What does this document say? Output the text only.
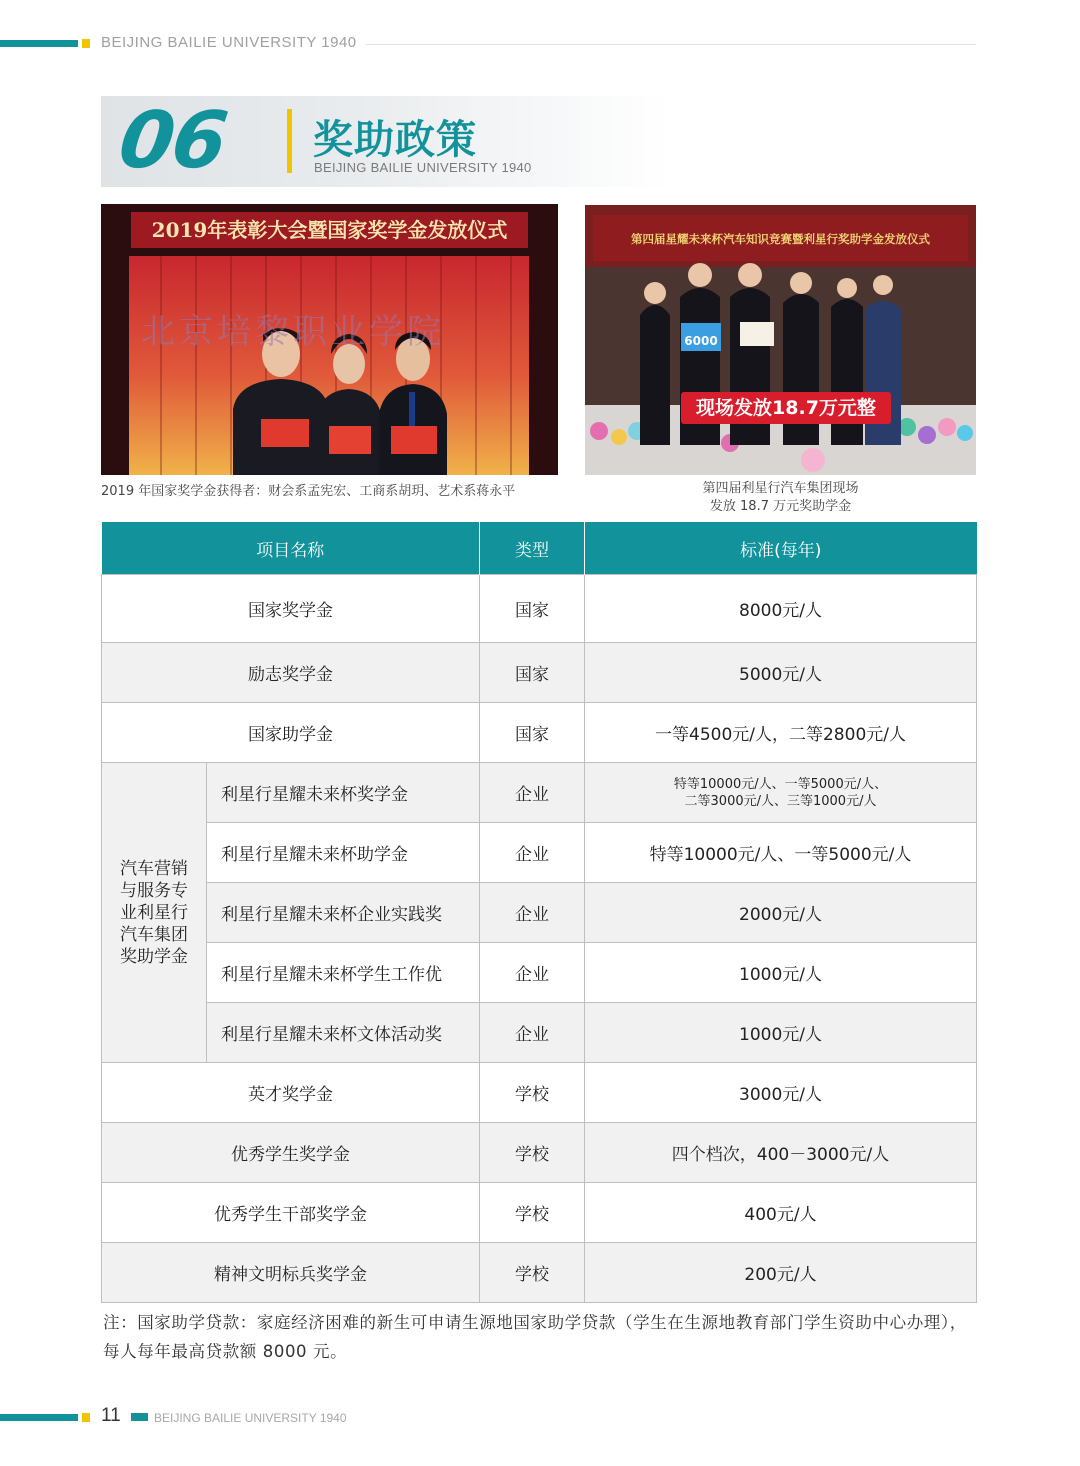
BEIJING BAILIE UNIVERSITY 1940
06 奖助政策
BEIJING BAILIE UNIVERSITY 1940
2019年表彰大会暨国家奖学金发放仪式
北京培黎职业学院
2019 年国家奖学金获得者：财会系孟宪宏、工商系胡玥、艺术系蒋永平
6000
第四届星耀未来杯汽车知识竞赛暨利星行奖助学金发放仪式
现场发放18.7万元整
第四届利星行汽车集团现场
发放 18.7 万元奖助学金
项目名称		类型	标准(每年)
国家奖学金		国家	8000元/人
励志奖学金		国家	5000元/人
国家助学金		国家	一等4500元/人，二等2800元/人

汽车营销与服务专业利星行汽车集团奖助学金	利星行星耀未来杯奖学金	企业	特等10000元/人、一等5000元/人、
二等3000元/人、三等1000元/人

	利星行星耀未来杯助学金	企业	特等10000元/人、一等5000元/人
	利星行星耀未来杯企业实践奖	企业	2000元/人
	利星行星耀未来杯学生工作优	企业	1000元/人
	利星行星耀未来杯文体活动奖	企业	1000元/人
英才奖学金		学校	3000元/人
优秀学生奖学金		学校	四个档次，400－3000元/人
优秀学生干部奖学金		学校	400元/人
精神文明标兵奖学金		学校	200元/人
注：国家助学贷款：家庭经济困难的新生可申请生源地国家助学贷款（学生在生源地教育部门学生资助中心办理），每人每年最高贷款额 8000 元。
11	BEIJING BAILIE UNIVERSITY 1940
